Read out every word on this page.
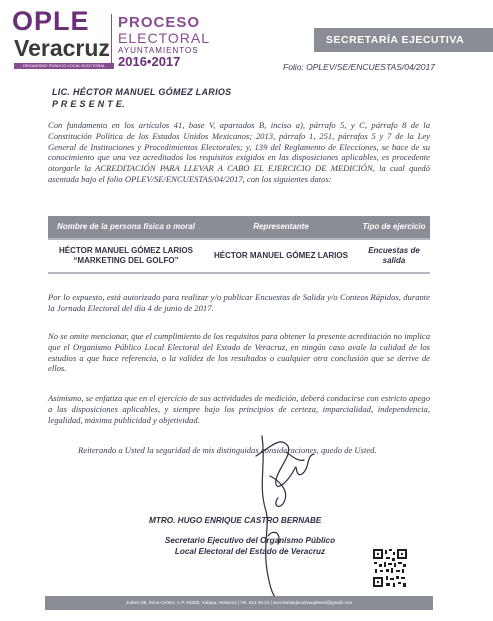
OPLE
Veracruz
ORGANISMO PÚBLICO LOCAL ELECTORAL
PROCESO
ELECTORAL
AYUNTAMIENTOS
2016•2017
SECRETARÍA EJECUTIVA
Folio: OPLEV/SE/ENCUESTAS/04/2017
LIC. HÉCTOR MANUEL GÓMEZ LARIOS
P R E S E N T E.
Con fundamento en los artículos 41, base V, apartados B, inciso a), párrafo 5, y C, párrafo 8 de la Constitución Política de los Estados Unidos Mexicanos; 2013, párrafo 1, 251, párrafos 5 y 7 de la Ley General de Instituciones y Procedimientos Electorales; y, 139 del Reglamento de Elecciones, se hace de su conocimiento que una vez acreditados los requisitos exigidos en las disposiciones aplicables, es procedente otorgarle la ACREDITACIÓN PARA LLEVAR A CABO EL EJERCICIO DE MEDICIÓN, la cual quedó asentada bajo el folio OPLEV/SE/ENCUESTAS/04/2017, con los siguientes datos:
Nombre de la persona física o moral	Representante	Tipo de ejercicio
HÉCTOR MANUEL GÓMEZ LARIOS “MARKETING DEL GOLFO”	HÉCTOR MANUEL GÓMEZ LARIOS	Encuestas de salida
Por lo expuesto, está autorizado para realizar y/o publicar Encuestas de Salida y/o Conteos Rápidos, durante la Jornada Electoral del día 4 de junio de 2017.
No se omite mencionar, que el cumplimiento de los requisitos para obtener la presente acreditación no implica que el Organismo Público Local Electoral del Estado de Veracruz, en ningún caso avale la calidad de los estudios a que hace referencia, o la validez de los resultados o cualquier otra conclusión que se derive de ellos.
Asimismo, se enfatiza que en el ejercicio de sus actividades de medición, deberá conducirse con estricto apego a las disposiciones aplicables, y siempre bajo los principios de certeza, imparcialidad, independencia, legalidad, máxima publicidad y objetividad.
Reiterando a Usted la seguridad de mis distinguidas consideraciones, quedo de Usted.
MTRO. HUGO ENRIQUE CASTRO BERNABE
Secretario Ejecutivo del Organismo Público
Local Electoral del Estado de Veracruz
Juárez 69, Zona Centro, C.P. 91000, Xalapa, Veracruz | Tel. 812 25 23 | secretariaejecutivaoplever@gmail.com
